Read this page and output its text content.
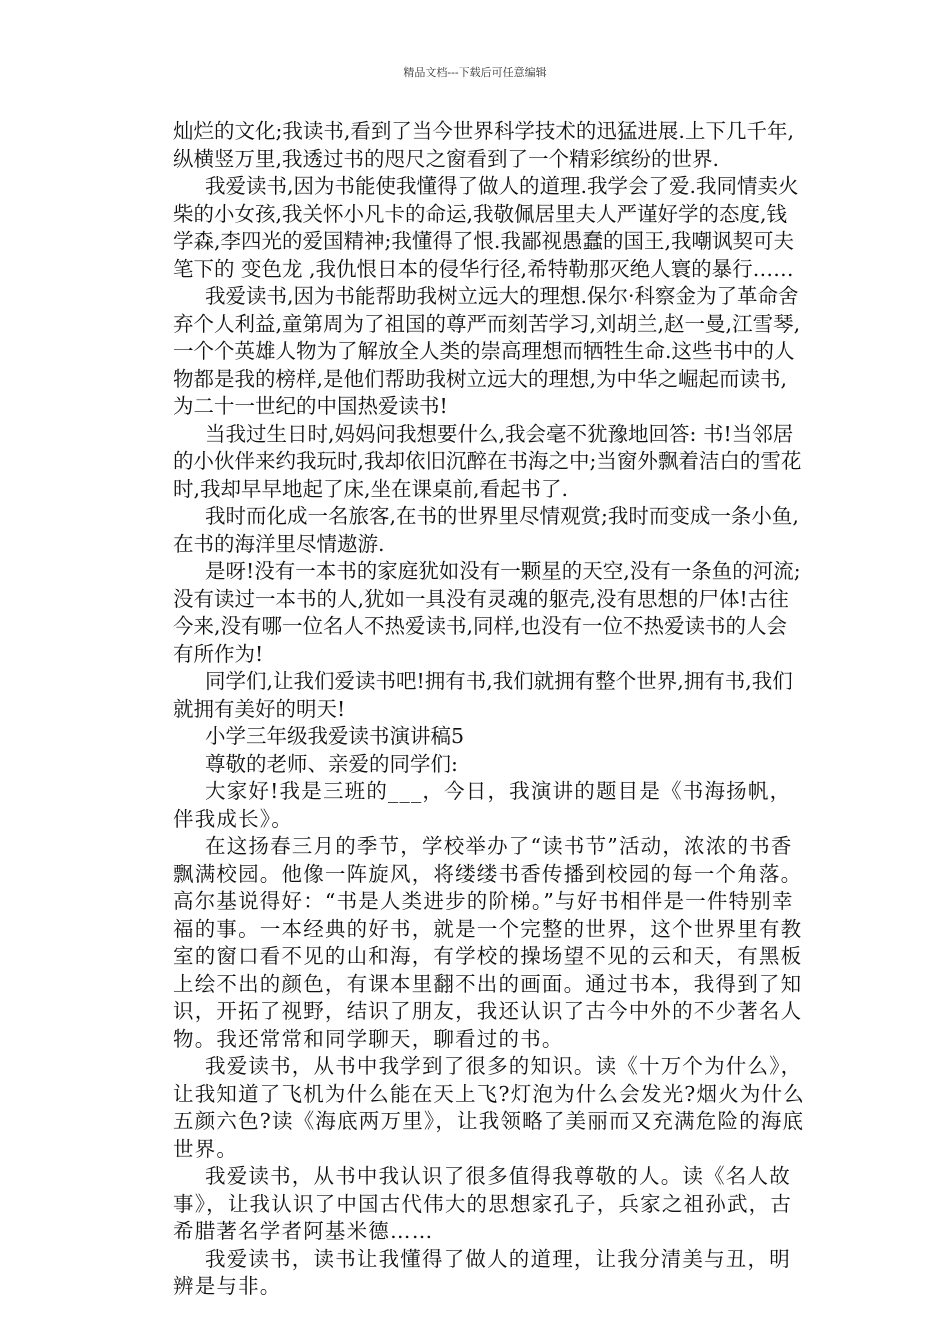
精品文档---下载后可任意编辑

灿烂的文化;我读书,看到了当今世界科学技术的迅猛进展.上下几千年,纵横竖万里,我透过书的咫尺之窗看到了一个精彩缤纷的世界.

我爱读书,因为书能使我懂得了做人的道理.我学会了爱.我同情卖火柴的小女孩,我关怀小凡卡的命运,我敬佩居里夫人严谨好学的态度,钱学森,李四光的爱国精神;我懂得了恨.我鄙视愚蠢的国王,我嘲讽契可夫笔下的 变色龙 ,我仇恨日本的侵华行径,希特勒那灭绝人寰的暴行……

我爱读书,因为书能帮助我树立远大的理想.保尔·科察金为了革命舍弃个人利益,童第周为了祖国的尊严而刻苦学习,刘胡兰,赵一曼,江雪琴,一个个英雄人物为了解放全人类的崇高理想而牺牲生命.这些书中的人物都是我的榜样,是他们帮助我树立远大的理想,为中华之崛起而读书,为二十一世纪的中国热爱读书!

当我过生日时,妈妈问我想要什么,我会毫不犹豫地回答: 书!当邻居的小伙伴来约我玩时,我却依旧沉醉在书海之中;当窗外飘着洁白的雪花时,我却早早地起了床,坐在课桌前,看起书了.

我时而化成一名旅客,在书的世界里尽情观赏;我时而变成一条小鱼,在书的海洋里尽情遨游.

是呀!没有一本书的家庭犹如没有一颗星的天空,没有一条鱼的河流;没有读过一本书的人,犹如一具没有灵魂的躯壳,没有思想的尸体!古往今来,没有哪一位名人不热爱读书,同样,也没有一位不热爱读书的人会有所作为!

同学们,让我们爱读书吧!拥有书,我们就拥有整个世界,拥有书,我们就拥有美好的明天!

小学三年级我爱读书演讲稿5

尊敬的老师、亲爱的同学们:

大家好!我是三班的___，今日，我演讲的题目是《书海扬帆，伴我成长》。

在这扬春三月的季节，学校举办了“读书节”活动，浓浓的书香飘满校园。他像一阵旋风，将缕缕书香传播到校园的每一个角落。高尔基说得好：“书是人类进步的阶梯。”与好书相伴是一件特别幸福的事。一本经典的好书，就是一个完整的世界，这个世界里有教室的窗口看不见的山和海，有学校的操场望不见的云和天，有黑板上绘不出的颜色，有课本里翻不出的画面。通过书本，我得到了知识，开拓了视野，结识了朋友，我还认识了古今中外的不少著名人物。我还常常和同学聊天，聊看过的书。

我爱读书，从书中我学到了很多的知识。读《十万个为什么》，让我知道了飞机为什么能在天上飞?灯泡为什么会发光?烟火为什么五颜六色?读《海底两万里》，让我领略了美丽而又充满危险的海底世界。

我爱读书，从书中我认识了很多值得我尊敬的人。读《名人故事》，让我认识了中国古代伟大的思想家孔子，兵家之祖孙武，古希腊著名学者阿基米德……

我爱读书，读书让我懂得了做人的道理，让我分清美与丑，明辨是与非。
